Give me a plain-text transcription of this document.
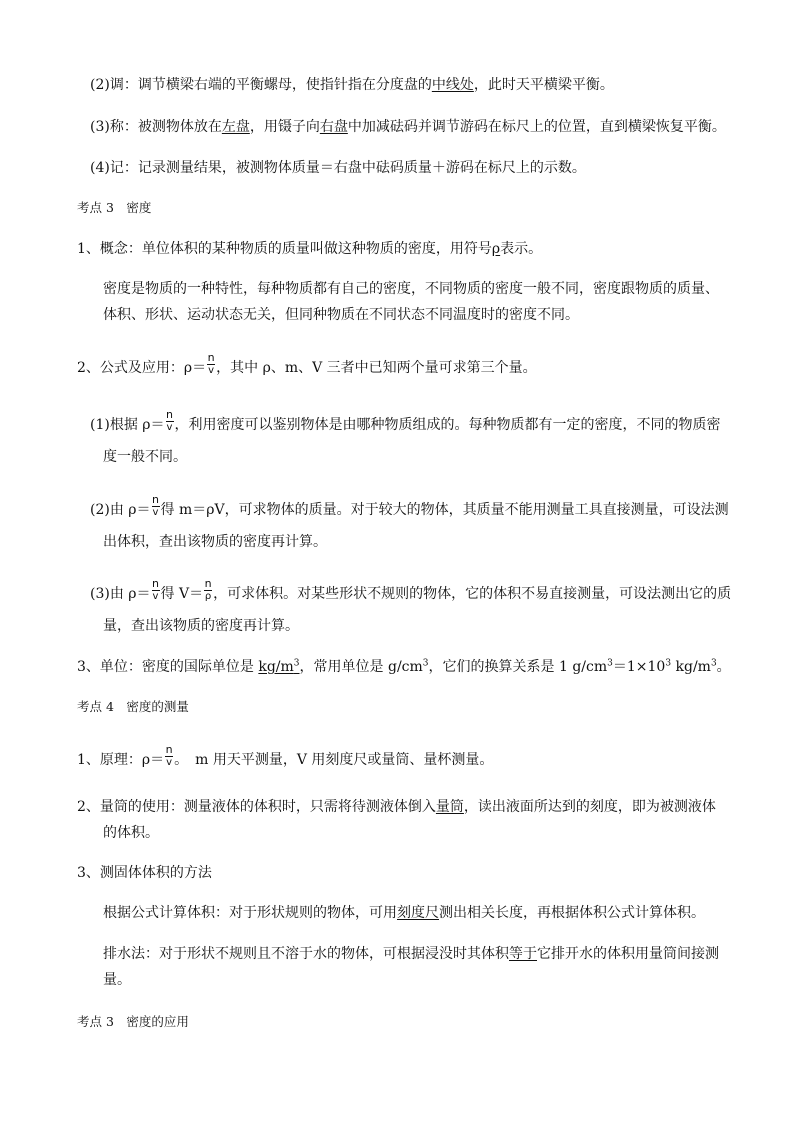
(2)调：调节横梁右端的平衡螺母，使指针指在分度盘的中线处，此时天平横梁平衡。
(3)称：被测物体放在左盘，用镊子向右盘中加减砝码并调节游码在标尺上的位置，直到横梁恢复平衡。
(4)记：记录测量结果，被测物体质量＝右盘中砝码质量＋游码在标尺上的示数。
考点 3　密度
1、概念：单位体积的某种物质的质量叫做这种物质的密度，用符号ρ表示。
密度是物质的一种特性，每种物质都有自己的密度，不同物质的密度一般不同，密度跟物质的质量、
体积、形状、运动状态无关，但同种物质在不同状态不同温度时的密度不同。
2、公式及应用：$\rho= \frac{n}{v}$ ，其中 ρ、m、V 三者中已知两个量可求第三个量。
(1)根据 $\rho= \frac{n}{v}$ ，利用密度可以鉴别物体是由哪种物质组成的。每种物质都有一定的密度，不同的物质密
度一般不同。
(2)由 $\rho= \frac{n}{v}$ 得 m＝ρV，可求物体的质量。对于较大的物体，其质量不能用测量工具直接测量，可设法测
出体积，查出该物质的密度再计算。
(3)由 $\rho= \frac{n}{v}$ 得 $V= \frac{n}{\rho}$ ，可求体积。对某些形状不规则的物体，它的体积不易直接测量，可设法测出它的质
量，查出该物质的密度再计算。
3、单位：密度的国际单位是 $kg/m^3$，常用单位是 $g/cm^3$，它们的换算关系是 1 $g/cm^3=1\times 10^3$ $kg/m^3$。
考点 4　密度的测量
1、原理：$\rho= \frac{n}{v}$ 。　m 用天平测量，V 用刻度尺或量筒、量杯测量。
2、量筒的使用：测量液体的体积时，只需将待测液体倒入量筒，读出液面所达到的刻度，即为被测液体
的体积。
3、测固体体积的方法
根据公式计算体积：对于形状规则的物体，可用刻度尺测出相关长度，再根据体积公式计算体积。
排水法：对于形状不规则且不溶于水的物体，可根据浸没时其体积等于它排开水的体积用量筒间接测
量。
考点 3　密度的应用
